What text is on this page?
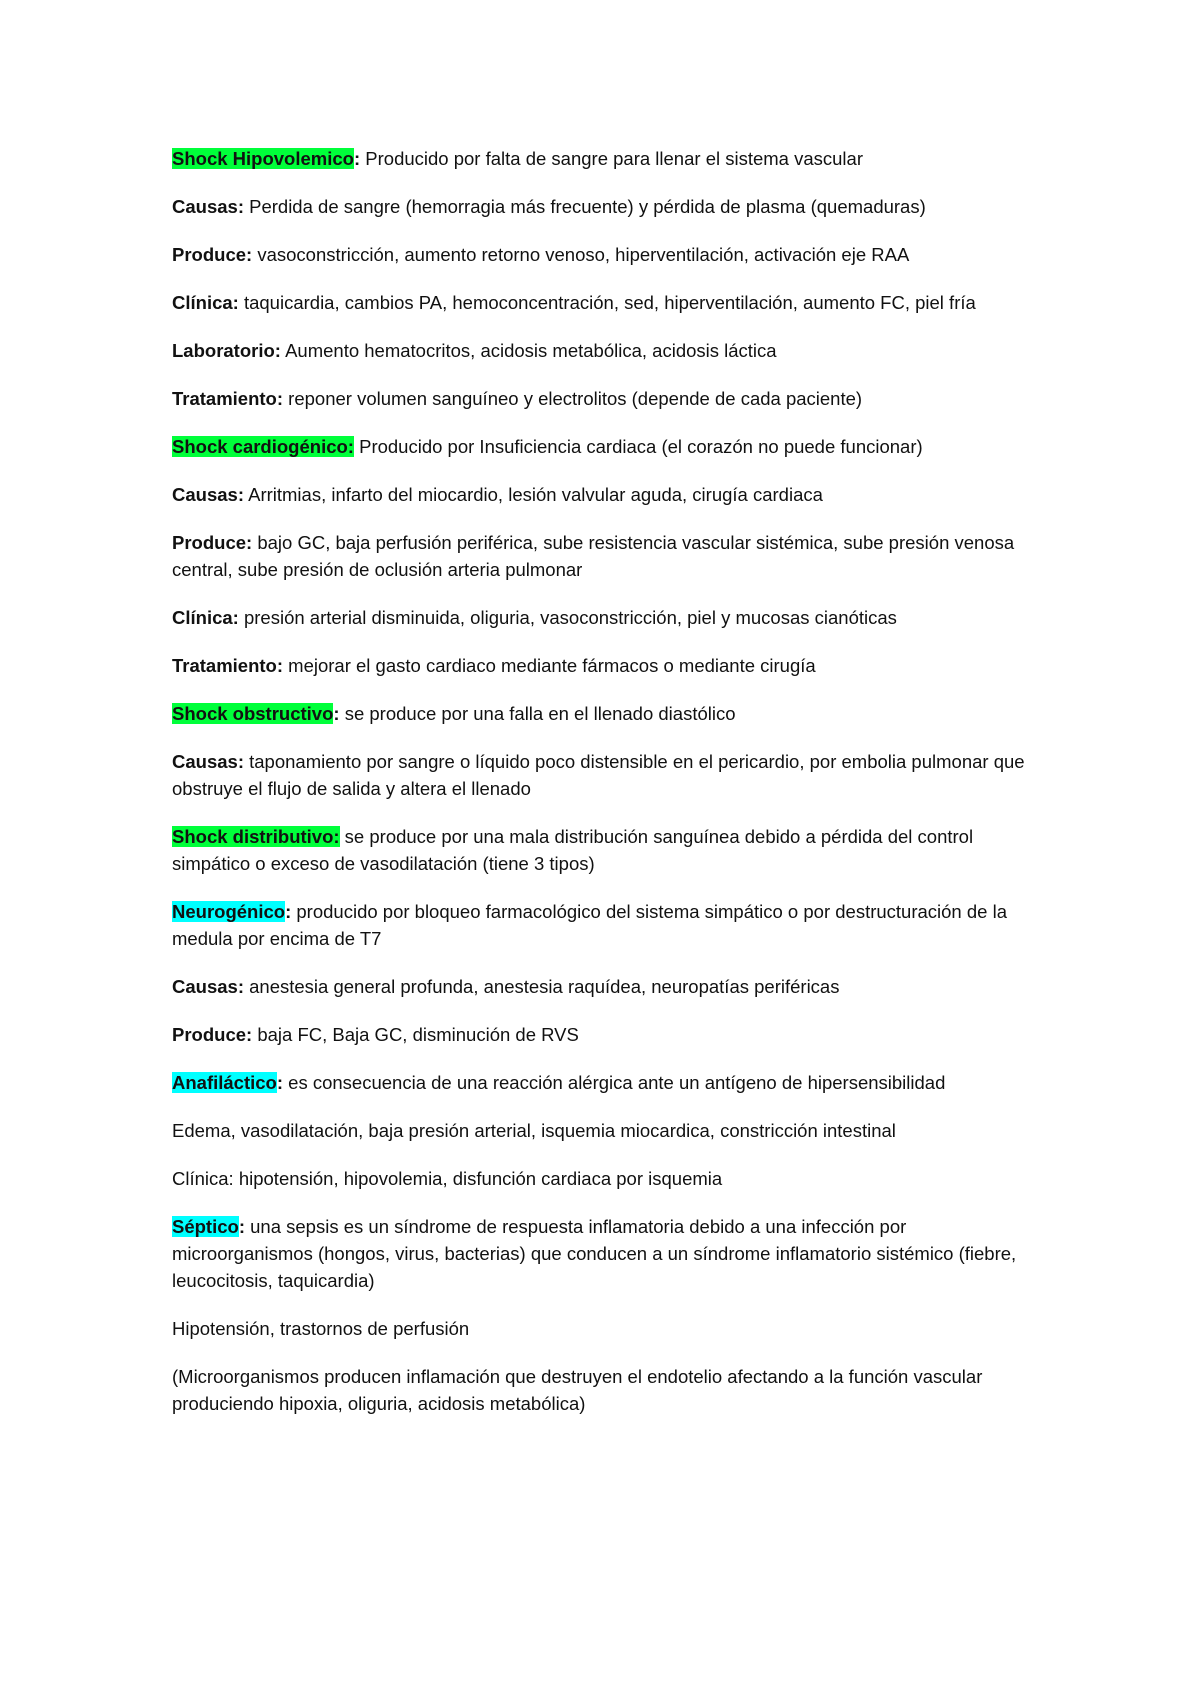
Shock Hipovolemico: Producido por falta de sangre para llenar el sistema vascular

Causas: Perdida de sangre (hemorragia más frecuente) y pérdida de plasma (quemaduras)

Produce: vasoconstricción, aumento retorno venoso, hiperventilación, activación eje RAA

Clínica: taquicardia, cambios PA, hemoconcentración, sed, hiperventilación, aumento FC, piel fría

Laboratorio: Aumento hematocritos, acidosis metabólica, acidosis láctica

Tratamiento: reponer volumen sanguíneo y electrolitos (depende de cada paciente)

Shock cardiogénico: Producido por Insuficiencia cardiaca (el corazón no puede funcionar)

Causas: Arritmias, infarto del miocardio, lesión valvular aguda, cirugía cardiaca

Produce: bajo GC, baja perfusión periférica, sube resistencia vascular sistémica, sube presión venosa central, sube presión de oclusión arteria pulmonar

Clínica: presión arterial disminuida, oliguria, vasoconstricción, piel y mucosas cianóticas

Tratamiento: mejorar el gasto cardiaco mediante fármacos o mediante cirugía

Shock obstructivo: se produce por una falla en el llenado diastólico

Causas: taponamiento por sangre o líquido poco distensible en el pericardio, por embolia pulmonar que obstruye el flujo de salida y altera el llenado

Shock distributivo: se produce por una mala distribución sanguínea debido a pérdida del control simpático o exceso de vasodilatación (tiene 3 tipos)

Neurogénico: producido por bloqueo farmacológico del sistema simpático o por destructuración de la medula por encima de T7

Causas: anestesia general profunda, anestesia raquídea, neuropatías periféricas

Produce: baja FC, Baja GC, disminución de RVS

Anafiláctico: es consecuencia de una reacción alérgica ante un antígeno de hipersensibilidad

Edema, vasodilatación, baja presión arterial, isquemia miocardica, constricción intestinal

Clínica: hipotensión, hipovolemia, disfunción cardiaca por isquemia

Séptico: una sepsis es un síndrome de respuesta inflamatoria debido a una infección por microorganismos (hongos, virus, bacterias) que conducen a un síndrome inflamatorio sistémico (fiebre, leucocitosis, taquicardia)

Hipotensión, trastornos de perfusión

(Microorganismos producen inflamación que destruyen el endotelio afectando a la función vascular produciendo hipoxia, oliguria, acidosis metabólica)
